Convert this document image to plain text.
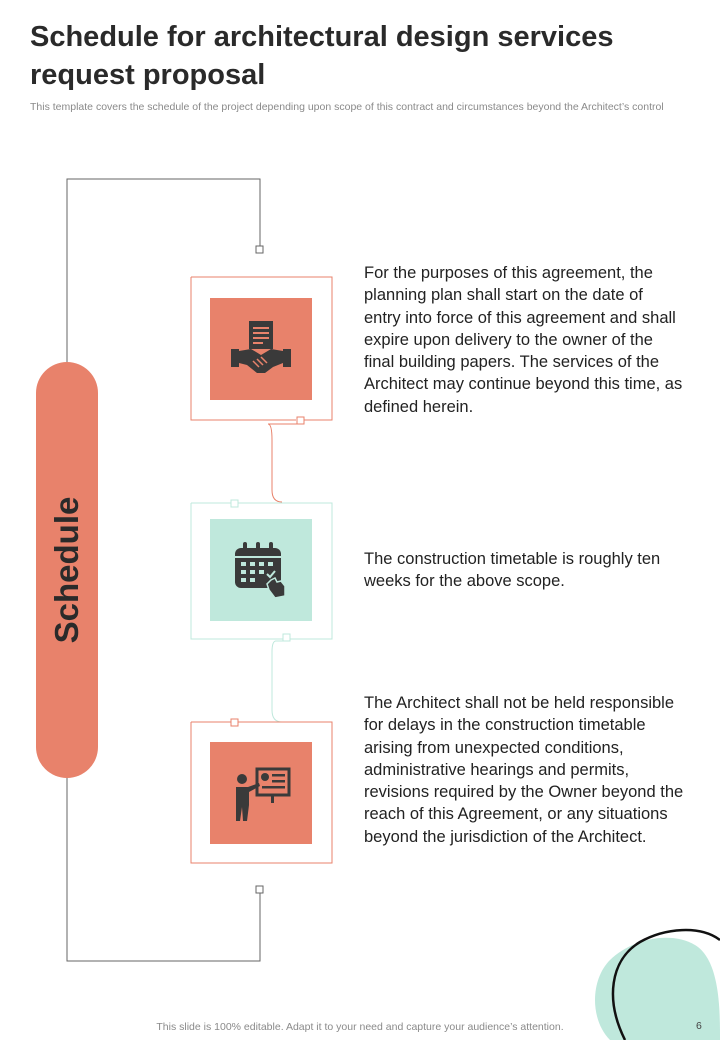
Schedule for architectural design services request proposal
This template covers the schedule of the project depending upon scope of this contract and circumstances beyond the Architect’s control
Schedule
For the purposes of this agreement, the planning plan shall start on the date of entry into force of this agreement and shall expire upon delivery to the owner of the final building papers. The services of the Architect may continue beyond this time, as defined herein.
The construction timetable is roughly ten weeks for the above scope.
The Architect shall not be held responsible for delays in the construction timetable arising from unexpected conditions, administrative hearings and permits, revisions required by the Owner beyond the reach of this Agreement, or any situations beyond the jurisdiction of the Architect.
This slide is 100% editable. Adapt it to your need and capture your audience’s attention.	6
